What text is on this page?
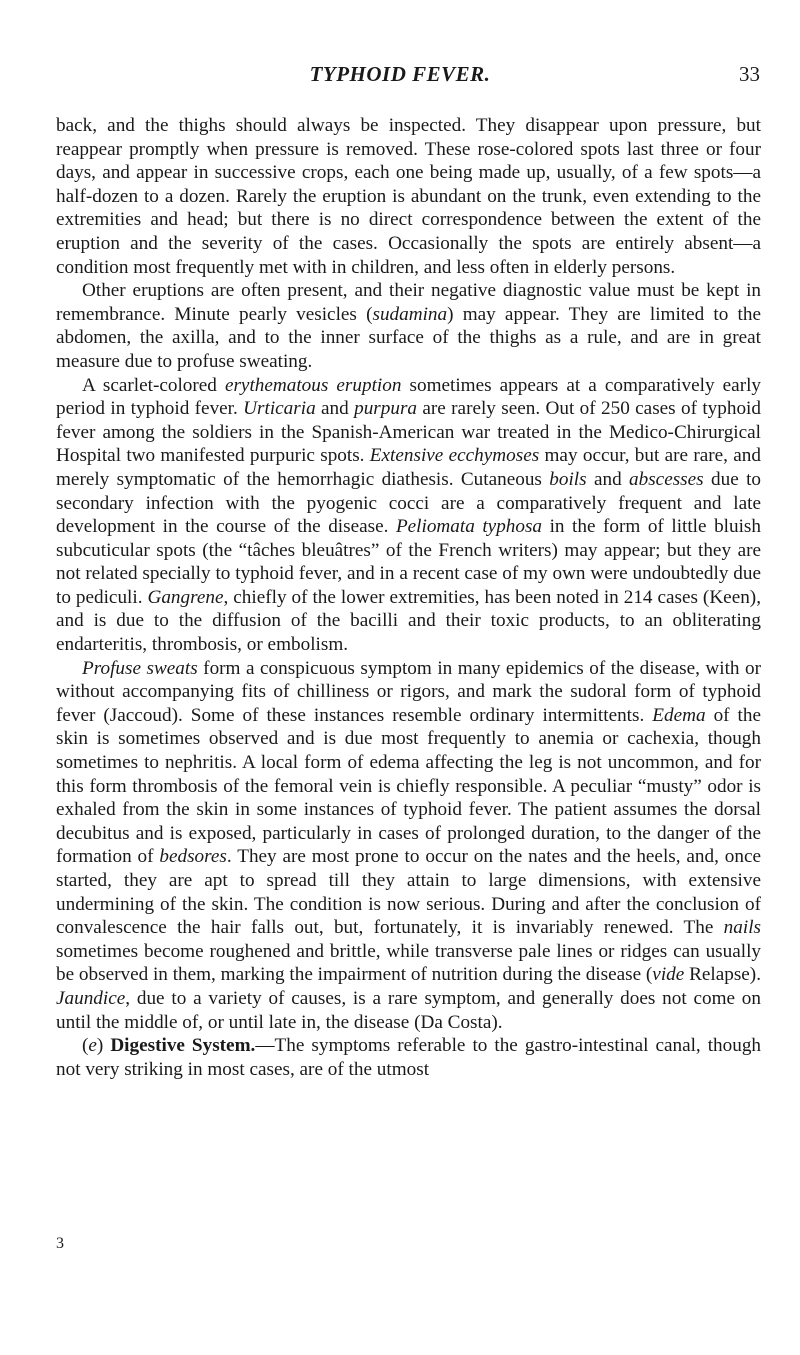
TYPHOID FEVER.	33

back, and the thighs should always be inspected. They disappear upon pressure, but reappear promptly when pressure is removed. These rose-colored spots last three or four days, and appear in successive crops, each one being made up, usually, of a few spots—a half-dozen to a dozen. Rarely the eruption is abundant on the trunk, even extending to the extremities and head; but there is no direct correspondence between the extent of the eruption and the severity of the cases. Occasionally the spots are entirely absent—a condition most frequently met with in children, and less often in elderly persons.

Other eruptions are often present, and their negative diagnostic value must be kept in remembrance. Minute pearly vesicles (sudamina) may appear. They are limited to the abdomen, the axilla, and to the inner surface of the thighs as a rule, and are in great measure due to profuse sweating.

A scarlet-colored erythematous eruption sometimes appears at a comparatively early period in typhoid fever. Urticaria and purpura are rarely seen. Out of 250 cases of typhoid fever among the soldiers in the Spanish-American war treated in the Medico-Chirurgical Hospital two manifested purpuric spots. Extensive ecchymoses may occur, but are rare, and merely symptomatic of the hemorrhagic diathesis. Cutaneous boils and abscesses due to secondary infection with the pyogenic cocci are a comparatively frequent and late development in the course of the disease. Peliomata typhosa in the form of little bluish subcuticular spots (the “tâches bleuâtres” of the French writers) may appear; but they are not related specially to typhoid fever, and in a recent case of my own were undoubtedly due to pediculi. Gangrene, chiefly of the lower extremities, has been noted in 214 cases (Keen), and is due to the diffusion of the bacilli and their toxic products, to an obliterating endarteritis, thrombosis, or embolism.

Profuse sweats form a conspicuous symptom in many epidemics of the disease, with or without accompanying fits of chilliness or rigors, and mark the sudoral form of typhoid fever (Jaccoud). Some of these instances resemble ordinary intermittents. Edema of the skin is sometimes observed and is due most frequently to anemia or cachexia, though sometimes to nephritis. A local form of edema affecting the leg is not uncommon, and for this form thrombosis of the femoral vein is chiefly responsible. A peculiar “musty” odor is exhaled from the skin in some instances of typhoid fever. The patient assumes the dorsal decubitus and is exposed, particularly in cases of prolonged duration, to the danger of the formation of bedsores. They are most prone to occur on the nates and the heels, and, once started, they are apt to spread till they attain to large dimensions, with extensive undermining of the skin. The condition is now serious. During and after the conclusion of convalescence the hair falls out, but, fortunately, it is invariably renewed. The nails sometimes become roughened and brittle, while transverse pale lines or ridges can usually be observed in them, marking the impairment of nutrition during the disease (vide Relapse). Jaundice, due to a variety of causes, is a rare symptom, and generally does not come on until the middle of, or until late in, the disease (Da Costa).

(e) Digestive System.—The symptoms referable to the gastro-intestinal canal, though not very striking in most cases, are of the utmost

3
